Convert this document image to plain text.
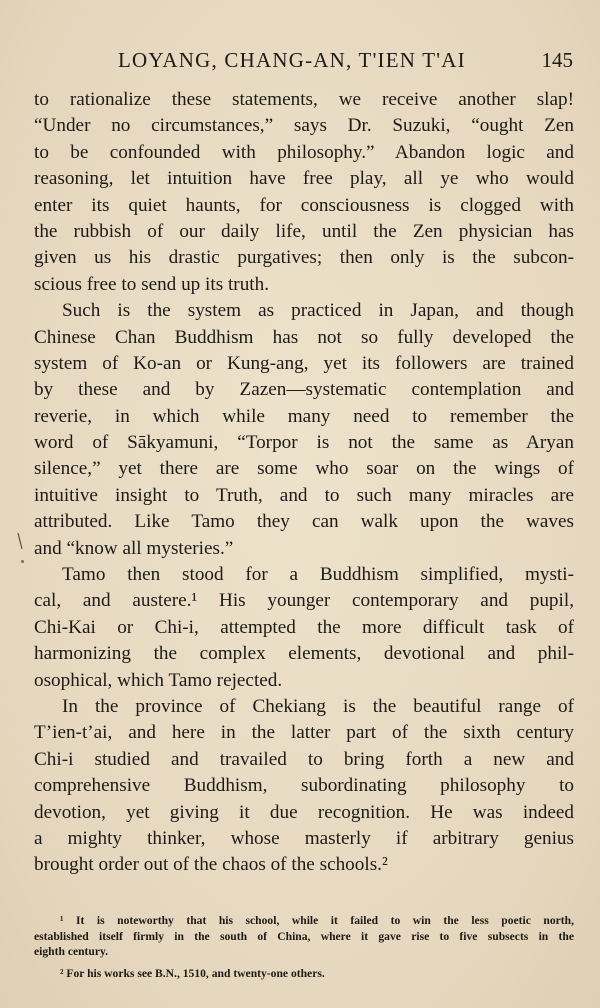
LOYANG, CHANG-AN, T'IEN T'AI	145
to rationalize these statements, we receive another slap!
“Under no circumstances,” says Dr. Suzuki, “ought Zen
to be confounded with philosophy.” Abandon logic and
reasoning, let intuition have free play, all ye who would
enter its quiet haunts, for consciousness is clogged with
the rubbish of our daily life, until the Zen physician has
given us his drastic purgatives; then only is the subcon-
scious free to send up its truth.
Such is the system as practiced in Japan, and though
Chinese Chan Buddhism has not so fully developed the
system of Ko-an or Kung-ang, yet its followers are trained
by these and by Zazen—systematic contemplation and
reverie, in which while many need to remember the
word of Sākyamuni, “Torpor is not the same as Aryan
silence,” yet there are some who soar on the wings of
intuitive insight to Truth, and to such many miracles are
attributed. Like Tamo they can walk upon the waves
and “know all mysteries.”
Tamo then stood for a Buddhism simplified, mysti-
cal, and austere.¹ His younger contemporary and pupil,
Chi-Kai or Chi-i, attempted the more difficult task of
harmonizing the complex elements, devotional and phil-
osophical, which Tamo rejected.
In the province of Chekiang is the beautiful range of
T’ien-t’ai, and here in the latter part of the sixth century
Chi-i studied and travailed to bring forth a new and
comprehensive Buddhism, subordinating philosophy to
devotion, yet giving it due recognition. He was indeed
a mighty thinker, whose masterly if arbitrary genius
brought order out of the chaos of the schools.²
¹ It is noteworthy that his school, while it failed to win the less poetic north,
established itself firmly in the south of China, where it gave rise to five subsects in the
eighth century.
² For his works see B.N., 1510, and twenty-one others.
